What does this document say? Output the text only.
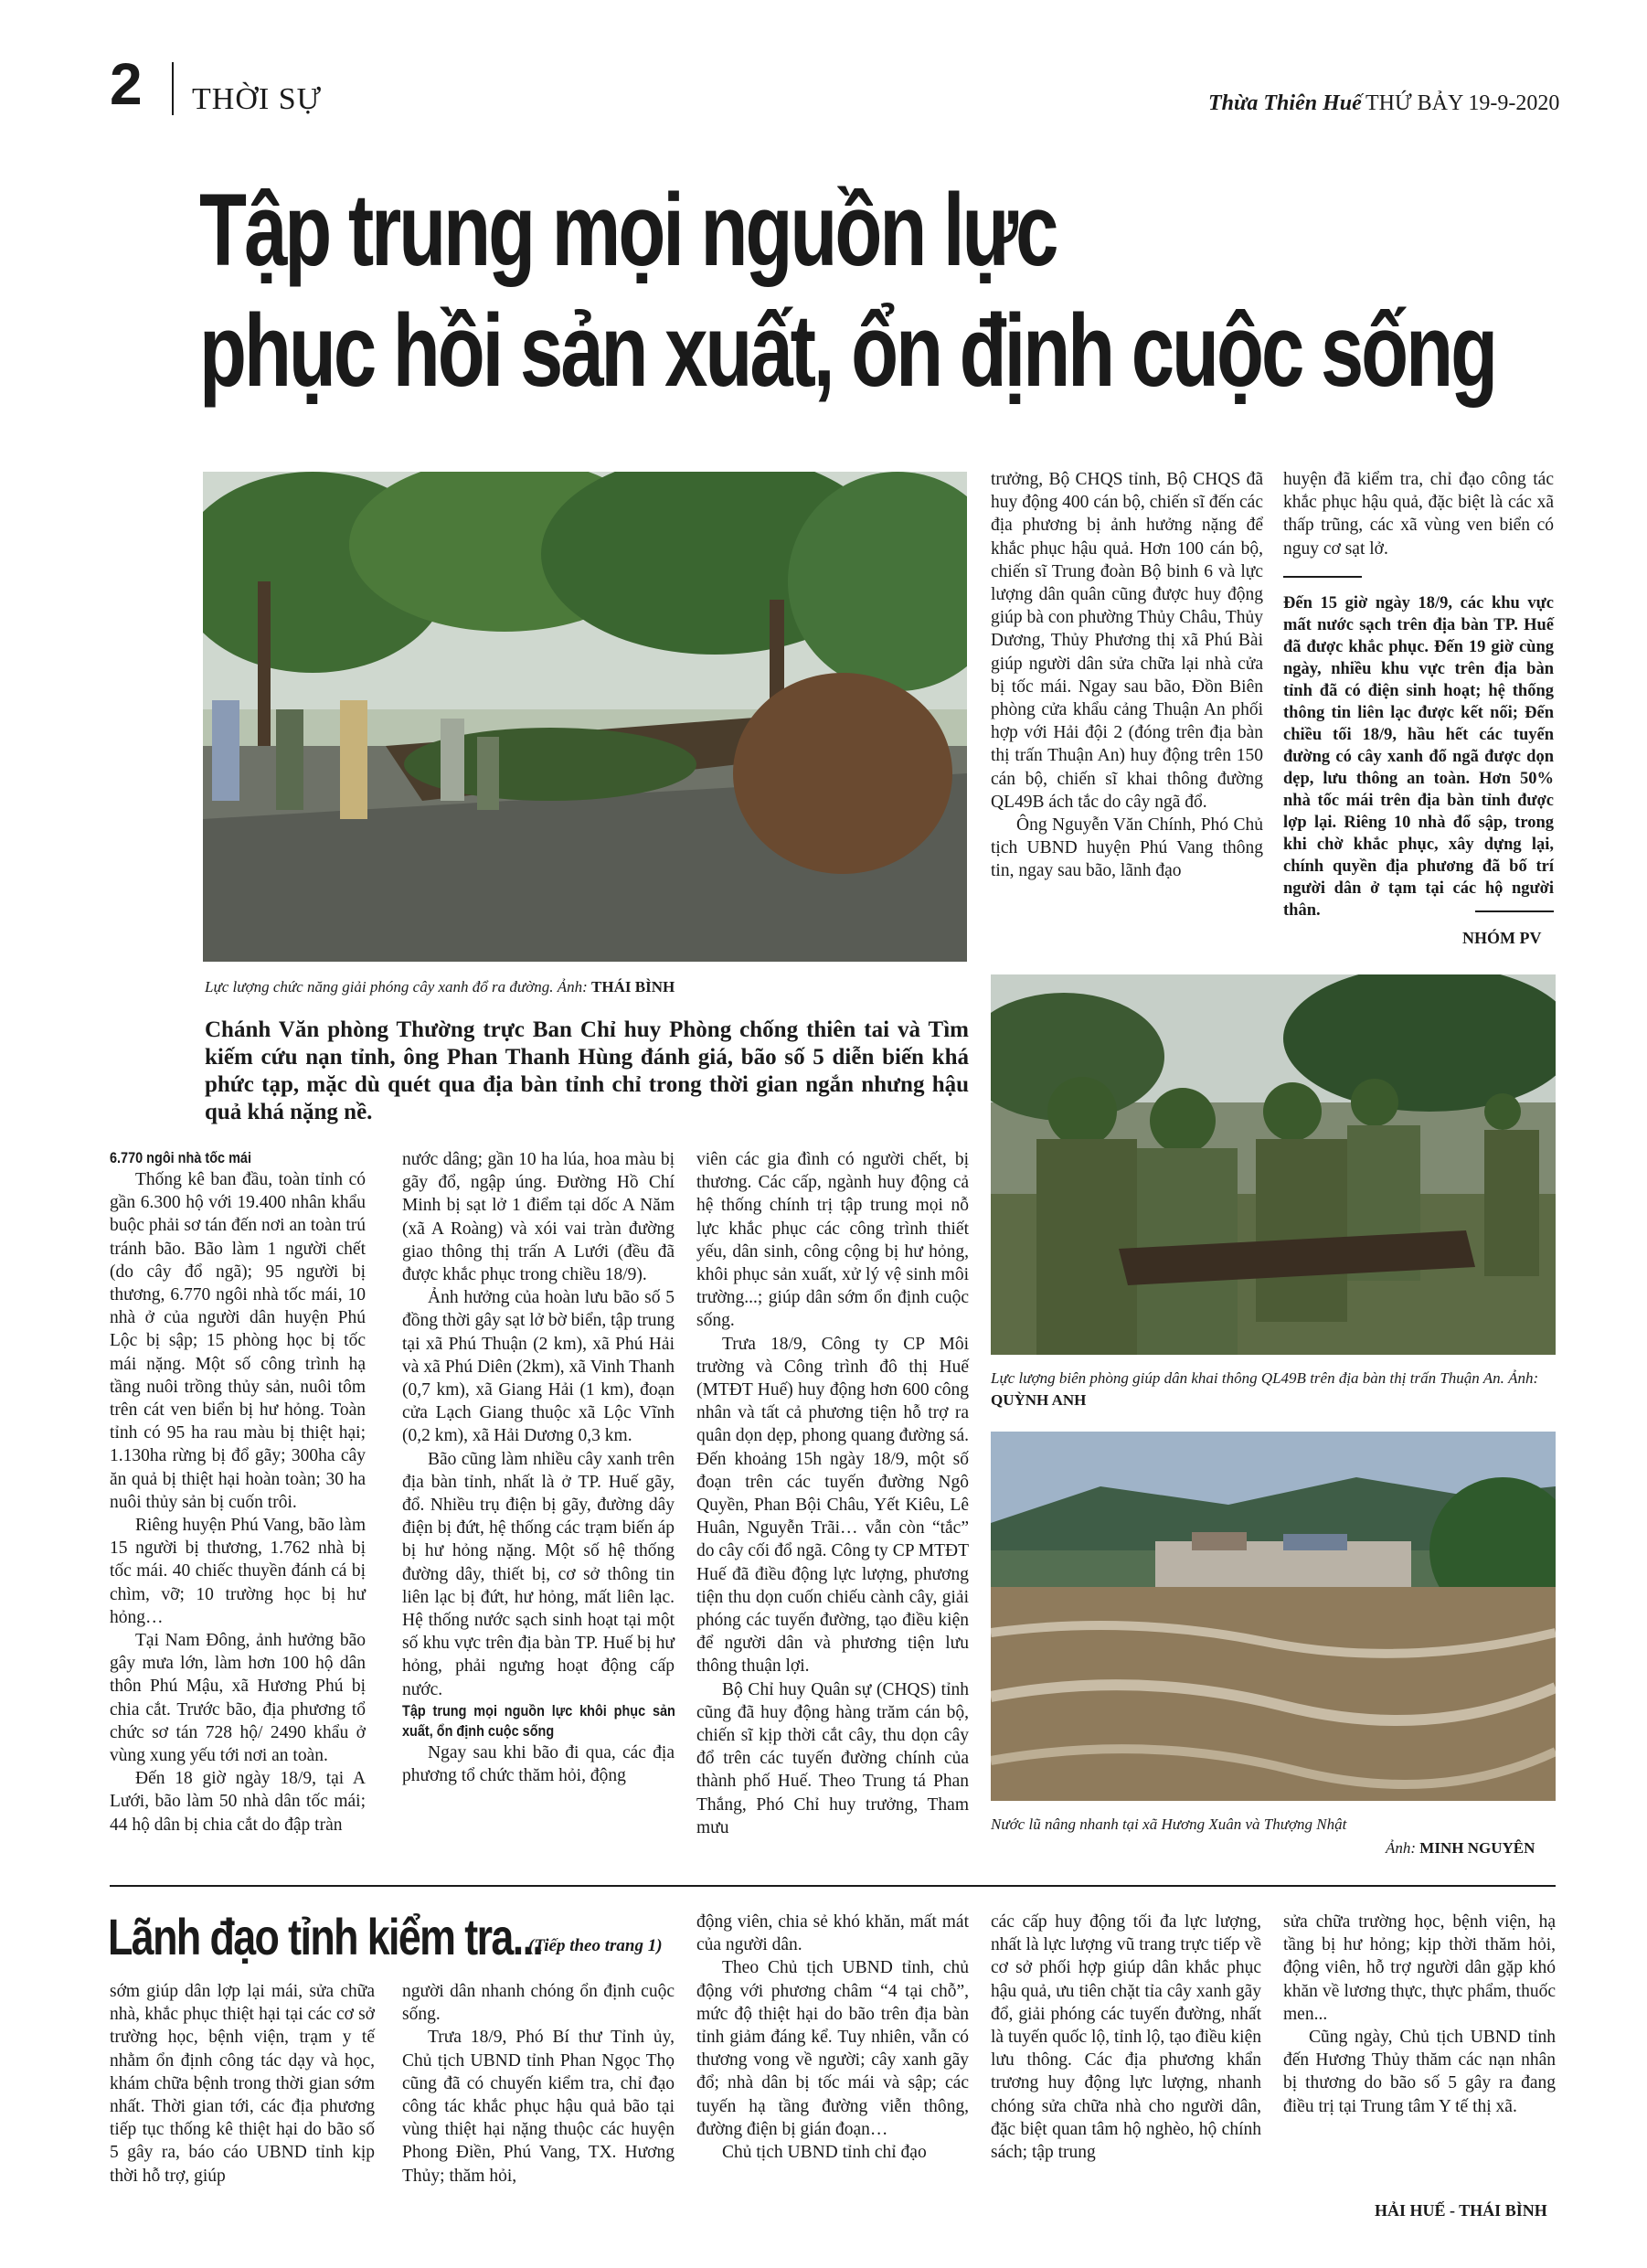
2 THỜI SỰ	Thừa Thiên Huế THỨ BẢY 19-9-2020
Tập trung mọi nguồn lực
phục hồi sản xuất, ổn định cuộc sống
Lực lượng chức năng giải phóng cây xanh đổ ra đường. Ảnh: THÁI BÌNH
Chánh Văn phòng Thường trực Ban Chỉ huy Phòng chống thiên tai và Tìm kiếm cứu nạn tỉnh, ông Phan Thanh Hùng đánh giá, bão số 5 diễn biến khá phức tạp, mặc dù quét qua địa bàn tỉnh chỉ trong thời gian ngắn nhưng hậu quả khá nặng nề.
6.770 ngôi nhà tốc mái

Thống kê ban đầu, toàn tỉnh có gần 6.300 hộ với 19.400 nhân khẩu buộc phải sơ tán đến nơi an toàn trú tránh bão. Bão làm 1 người chết (do cây đổ ngã); 95 người bị thương, 6.770 ngôi nhà tốc mái, 10 nhà ở của người dân huyện Phú Lộc bị sập; 15 phòng học bị tốc mái nặng. Một số công trình hạ tầng nuôi trồng thủy sản, nuôi tôm trên cát ven biển bị hư hỏng. Toàn tỉnh có 95 ha rau màu bị thiệt hại; 1.130ha rừng bị đổ gãy; 300ha cây ăn quả bị thiệt hại hoàn toàn; 30 ha nuôi thủy sản bị cuốn trôi.

Riêng huyện Phú Vang, bão làm 15 người bị thương, 1.762 nhà bị tốc mái. 40 chiếc thuyền đánh cá bị chìm, vỡ; 10 trường học bị hư hỏng…

Tại Nam Đông, ảnh hưởng bão gây mưa lớn, làm hơn 100 hộ dân thôn Phú Mậu, xã Hương Phú bị chia cắt. Trước bão, địa phương tổ chức sơ tán 728 hộ/ 2490 khẩu ở vùng xung yếu tới nơi an toàn.

Đến 18 giờ ngày 18/9, tại A Lưới, bão làm 50 nhà dân tốc mái; 44 hộ dân bị chia cắt do đập tràn

nước dâng; gần 10 ha lúa, hoa màu bị gãy đổ, ngập úng. Đường Hồ Chí Minh bị sạt lở 1 điểm tại dốc A Năm (xã A Roàng) và xói vai tràn đường giao thông thị trấn A Lưới (đều đã được khắc phục trong chiều 18/9).

Ảnh hưởng của hoàn lưu bão số 5 đồng thời gây sạt lở bờ biển, tập trung tại xã Phú Thuận (2 km), xã Phú Hải và xã Phú Diên (2km), xã Vinh Thanh (0,7 km), xã Giang Hải (1 km), đoạn cửa Lạch Giang thuộc xã Lộc Vĩnh (0,2 km), xã Hải Dương 0,3 km.

Bão cũng làm nhiều cây xanh trên địa bàn tỉnh, nhất là ở TP. Huế gãy, đổ. Nhiều trụ điện bị gãy, đường dây điện bị đứt, hệ thống các trạm biến áp bị hư hỏng nặng. Một số hệ thống đường dây, thiết bị, cơ sở thông tin liên lạc bị đứt, hư hỏng, mất liên lạc. Hệ thống nước sạch sinh hoạt tại một số khu vực trên địa bàn TP. Huế bị hư hỏng, phải ngưng hoạt động cấp nước.

Tập trung mọi nguồn lực khôi phục sản xuất, ổn định cuộc sống

Ngay sau khi bão đi qua, các địa phương tổ chức thăm hỏi, động

viên các gia đình có người chết, bị thương. Các cấp, ngành huy động cả hệ thống chính trị tập trung mọi nỗ lực khắc phục các công trình thiết yếu, dân sinh, công cộng bị hư hỏng, khôi phục sản xuất, xử lý vệ sinh môi trường...; giúp dân sớm ổn định cuộc sống.

Trưa 18/9, Công ty CP Môi trường và Công trình đô thị Huế (MTĐT Huế) huy động hơn 600 công nhân và tất cả phương tiện hỗ trợ ra quân dọn dẹp, phong quang đường sá. Đến khoảng 15h ngày 18/9, một số đoạn trên các tuyến đường Ngô Quyền, Phan Bội Châu, Yết Kiêu, Lê Huân, Nguyễn Trãi… vẫn còn “tắc” do cây cối đổ ngã. Công ty CP MTĐT Huế đã điều động lực lượng, phương tiện thu dọn cuốn chiếu cành cây, giải phóng các tuyến đường, tạo điều kiện để người dân và phương tiện lưu thông thuận lợi.

Bộ Chỉ huy Quân sự (CHQS) tỉnh cũng đã huy động hàng trăm cán bộ, chiến sĩ kịp thời cắt cây, thu dọn cây đổ trên các tuyến đường chính của thành phố Huế. Theo Trung tá Phan Thắng, Phó Chỉ huy trưởng, Tham mưu

trưởng, Bộ CHQS tỉnh, Bộ CHQS đã huy động 400 cán bộ, chiến sĩ đến các địa phương bị ảnh hưởng nặng để khắc phục hậu quả. Hơn 100 cán bộ, chiến sĩ Trung đoàn Bộ binh 6 và lực lượng dân quân cũng được huy động giúp bà con phường Thủy Châu, Thủy Dương, Thủy Phương thị xã Phú Bài giúp người dân sửa chữa lại nhà cửa bị tốc mái. Ngay sau bão, Đồn Biên phòng cửa khẩu cảng Thuận An phối hợp với Hải đội 2 (đóng trên địa bàn thị trấn Thuận An) huy động trên 150 cán bộ, chiến sĩ khai thông đường QL49B ách tắc do cây ngã đổ.

Ông Nguyễn Văn Chính, Phó Chủ tịch UBND huyện Phú Vang thông tin, ngay sau bão, lãnh đạo

huyện đã kiểm tra, chỉ đạo công tác khắc phục hậu quả, đặc biệt là các xã thấp trũng, các xã vùng ven biển có nguy cơ sạt lở.

Đến 15 giờ ngày 18/9, các khu vực mất nước sạch trên địa bàn TP. Huế đã được khắc phục. Đến 19 giờ cùng ngày, nhiều khu vực trên địa bàn tỉnh đã có điện sinh hoạt; hệ thống thông tin liên lạc được kết nối; Đến chiều tối 18/9, hầu hết các tuyến đường có cây xanh đổ ngã được dọn dẹp, lưu thông an toàn. Hơn 50% nhà tốc mái trên địa bàn tỉnh được lợp lại. Riêng 10 nhà đổ sập, trong khi chờ khắc phục, xây dựng lại, chính quyền địa phương đã bố trí người dân ở tạm tại các hộ người thân.
NHÓM PV
Lực lượng biên phòng giúp dân khai thông QL49B trên địa bàn thị trấn Thuận An. Ảnh: QUỲNH ANH
Nước lũ nâng nhanh tại xã Hương Xuân và Thượng Nhật
Ảnh: MINH NGUYÊN
Lãnh đạo tỉnh kiểm tra...
(Tiếp theo trang 1)

sớm giúp dân lợp lại mái, sửa chữa nhà, khắc phục thiệt hại tại các cơ sở trường học, bệnh viện, trạm y tế nhằm ổn định công tác dạy và học, khám chữa bệnh trong thời gian sớm nhất. Thời gian tới, các địa phương tiếp tục thống kê thiệt hại do bão số 5 gây ra, báo cáo UBND tỉnh kịp thời hỗ trợ, giúp

người dân nhanh chóng ổn định cuộc sống.

Trưa 18/9, Phó Bí thư Tỉnh ủy, Chủ tịch UBND tỉnh Phan Ngọc Thọ cũng đã có chuyến kiểm tra, chỉ đạo công tác khắc phục hậu quả bão tại vùng thiệt hại nặng thuộc các huyện Phong Điền, Phú Vang, TX. Hương Thủy; thăm hỏi,

động viên, chia sẻ khó khăn, mất mát của người dân.

Theo Chủ tịch UBND tỉnh, chủ động với phương châm “4 tại chỗ”, mức độ thiệt hại do bão trên địa bàn tỉnh giảm đáng kể. Tuy nhiên, vẫn có thương vong về người; cây xanh gãy đổ; nhà dân bị tốc mái và sập; các tuyến hạ tầng đường viễn thông, đường điện bị gián đoạn…

Chủ tịch UBND tỉnh chỉ đạo

các cấp huy động tối đa lực lượng, nhất là lực lượng vũ trang trực tiếp về cơ sở phối hợp giúp dân khắc phục hậu quả, ưu tiên chặt tỉa cây xanh gãy đổ, giải phóng các tuyến đường, nhất là tuyến quốc lộ, tỉnh lộ, tạo điều kiện lưu thông. Các địa phương khẩn trương huy động lực lượng, nhanh chóng sửa chữa nhà cho người dân, đặc biệt quan tâm hộ nghèo, hộ chính sách; tập trung

sửa chữa trường học, bệnh viện, hạ tầng bị hư hỏng; kịp thời thăm hỏi, động viên, hỗ trợ người dân gặp khó khăn về lương thực, thực phẩm, thuốc men...

Cũng ngày, Chủ tịch UBND tỉnh đến Hương Thủy thăm các nạn nhân bị thương do bão số 5 gây ra đang điều trị tại Trung tâm Y tế thị xã.

HẢI HUẾ - THÁI BÌNH
